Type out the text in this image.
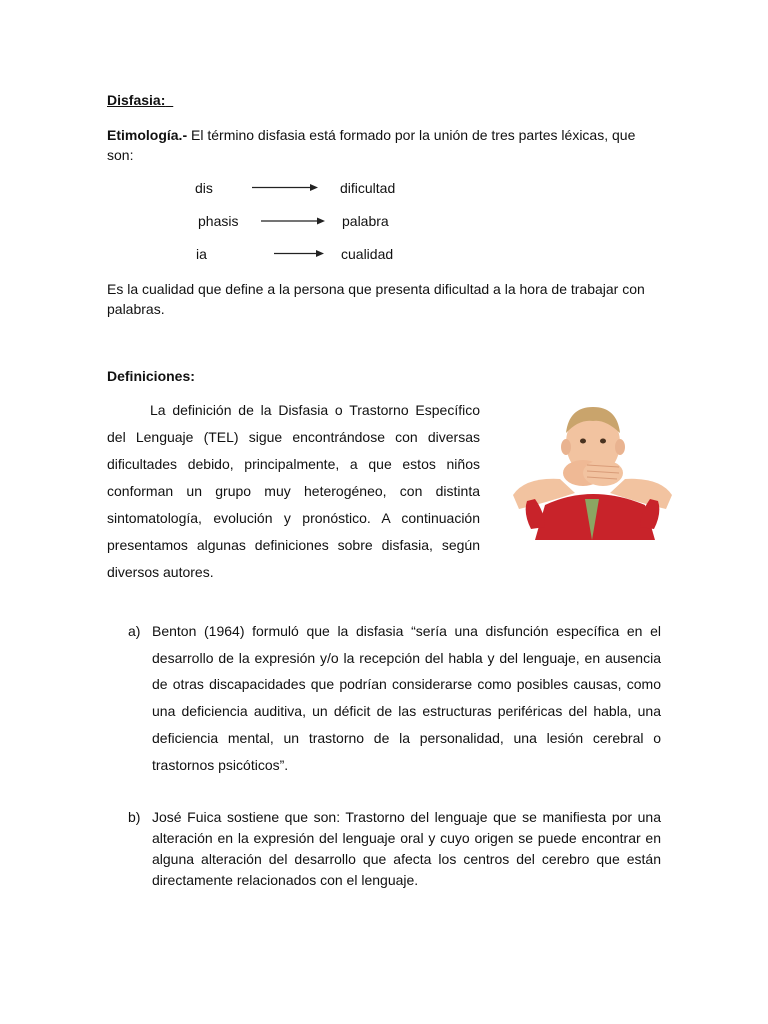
Disfasia:
Etimología.- El término disfasia está formado por la unión de tres partes léxicas, que son:
dis	dificultad
phasis	palabra
ia	cualidad
Es la cualidad que define a la persona que presenta dificultad a la hora de trabajar con palabras.
Definiciones:
La definición de la Disfasia o Trastorno Específico del Lenguaje (TEL) sigue encontrándose con diversas dificultades debido, principalmente, a que estos niños conforman un grupo muy heterogéneo, con distinta sintomatología, evolución y pronóstico. A continuación presentamos algunas definiciones sobre disfasia, según diversos autores.
a) Benton (1964) formuló que la disfasia “sería una disfunción específica en el desarrollo de la expresión y/o la recepción del habla y del lenguaje, en ausencia de otras discapacidades que podrían considerarse como posibles causas, como una deficiencia auditiva, un déficit de las estructuras periféricas del habla, una deficiencia mental, un trastorno de la personalidad, una lesión cerebral o trastornos psicóticos”.
b) José Fuica sostiene que son: Trastorno del lenguaje que se manifiesta por una alteración en la expresión del lenguaje oral y cuyo origen se puede encontrar en alguna alteración del desarrollo que afecta los centros del cerebro que están directamente relacionados con el lenguaje.
